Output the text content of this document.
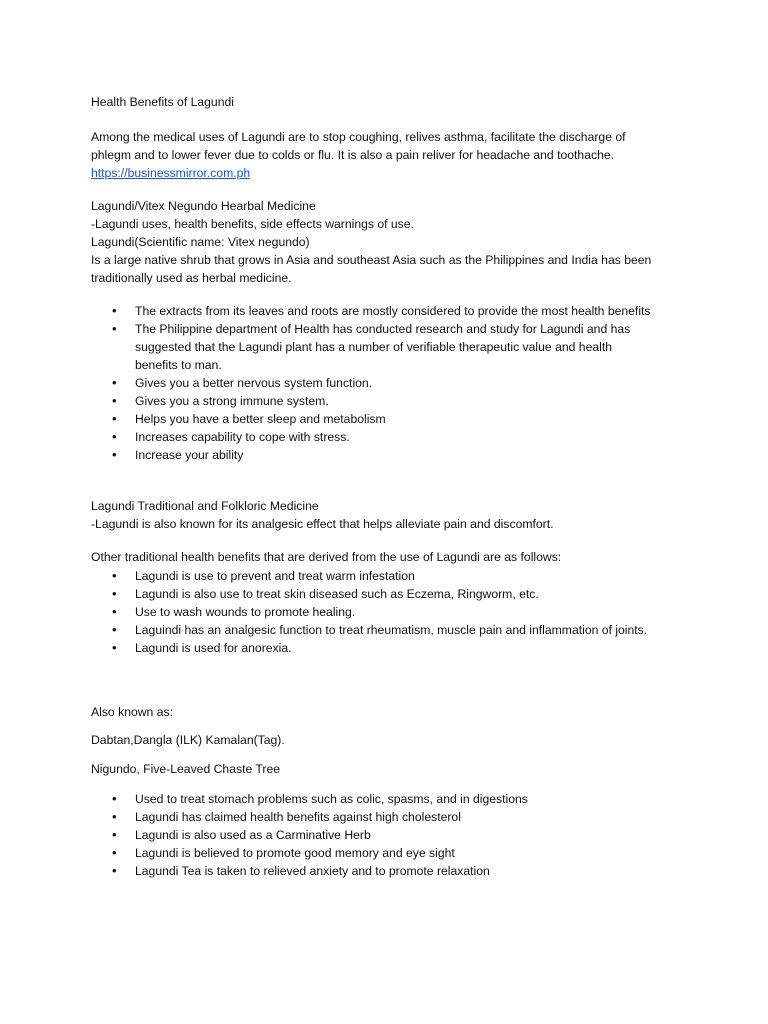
Health Benefits of Lagundi

Among the medical uses of Lagundi are to stop coughing, relives asthma, facilitate the discharge of

phlegm and to lower fever due to colds or flu. It is also a pain reliver for headache and toothache.

https://businessmirror.com.ph

Lagundi/Vitex Negundo Hearbal Medicine

-Lagundi uses, health benefits, side effects warnings of use.

Lagundi(Scientific name: Vitex negundo)

Is a large native shrub that grows in Asia and southeast Asia such as the Philippines and India has been

traditionally used as herbal medicine.

• The extracts from its leaves and roots are mostly considered to provide the most health benefits
• The Philippine department of Health has conducted research and study for Lagundi and has suggested that the Lagundi plant has a number of verifiable therapeutic value and health benefits to man.
• Gives you a better nervous system function.
• Gives you a strong immune system.
• Helps you have a better sleep and metabolism
• Increases capability to cope with stress.
• Increase your ability

Lagundi Traditional and Folkloric Medicine

-Lagundi is also known for its analgesic effect that helps alleviate pain and discomfort.

Other traditional health benefits that are derived from the use of Lagundi are as follows:

• Lagundi is use to prevent and treat warm infestation
• Lagundi is also use to treat skin diseased such as Eczema, Ringworm, etc.
• Use to wash wounds to promote healing.
• Laguindi has an analgesic function to treat rheumatism, muscle pain and inflammation of joints.
• Lagundi is used for anorexia.

Also known as:

Dabtan,Dangla (ILK) Kamalan(Tag).

Nigundo, Five-Leaved Chaste Tree

• Used to treat stomach problems such as colic, spasms, and in digestions
• Lagundi has claimed health benefits against high cholesterol
• Lagundi is also used as a Carminative Herb
• Lagundi is believed to promote good memory and eye sight
• Lagundi Tea is taken to relieved anxiety and to promote relaxation
